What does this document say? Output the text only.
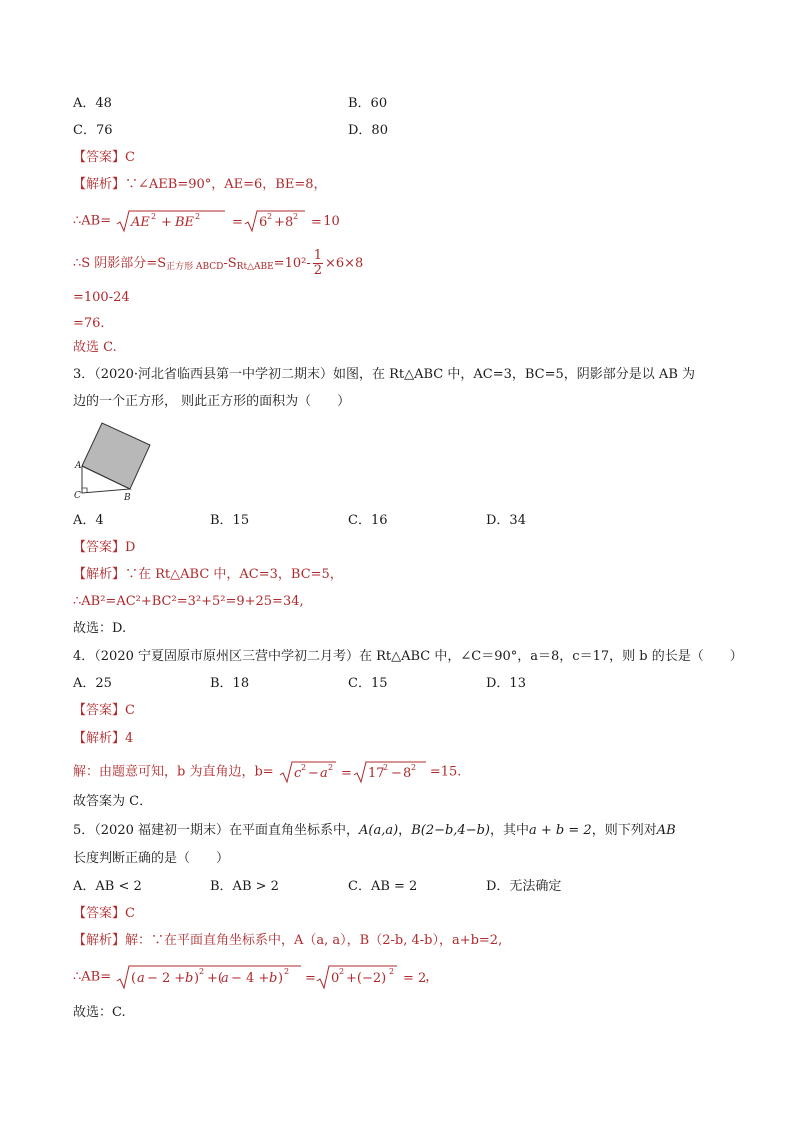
A．48	B．60
C．76	D．80
【答案】C
【解析】∵∠AEB=90°，AE=6，BE=8，
∴AB= AE 2 + BE 2 = 6 2 + 8 2 = 10
∴S 阴影部分$=S_{正方形 ABCD}-S_{Rt\triangle ABE}=10^2- \frac{1}{2} \times 6\times 8$
=100-24
=76.
故选 C.
3．（2020·河北省临西县第一中学初二期末）如图，在 Rt△ABC 中，AC=3，BC=5，阴影部分是以 AB 为
边的一个正方形， 则此正方形的面积为（　　）
A
C	B
A．4	B．15	C．16	D．34
【答案】D
【解析】∵在 Rt△ABC 中，AC=3，BC=5，
∴AB²=AC²+BC²=3²+5²=9+25=34,
故选：D.
4．（2020 宁夏固原市原州区三营中学初二月考）在 Rt△ABC 中，∠C＝90°，a＝8，c＝17，则 b 的长是（　　）
A．25	B．18	C．15	D．13
【答案】C
【解析】4
解：由题意可知，b 为直角边，b= c 2 − a 2 = 17
2 − 8 2 =15.
故答案为 C．
5．（2020 福建初一期末）在平面直角坐标系中，A(a,a)，B(2−b,4−b)，其中a + b = 2，则下列对AB
长度判断正确的是（　　）
A．AB < 2	B．AB > 2	C．AB = 2	D．无法确定
【答案】C
【解析】解：∵在平面直角坐标系中，A（a, a），B（2-b, 4-b），a+b=2,
∴AB= ( a − 2 + b ) 2 +(
a − 4 + b ) 2 = 0 2 +(−2) 2 = 2
，
故选：C.
